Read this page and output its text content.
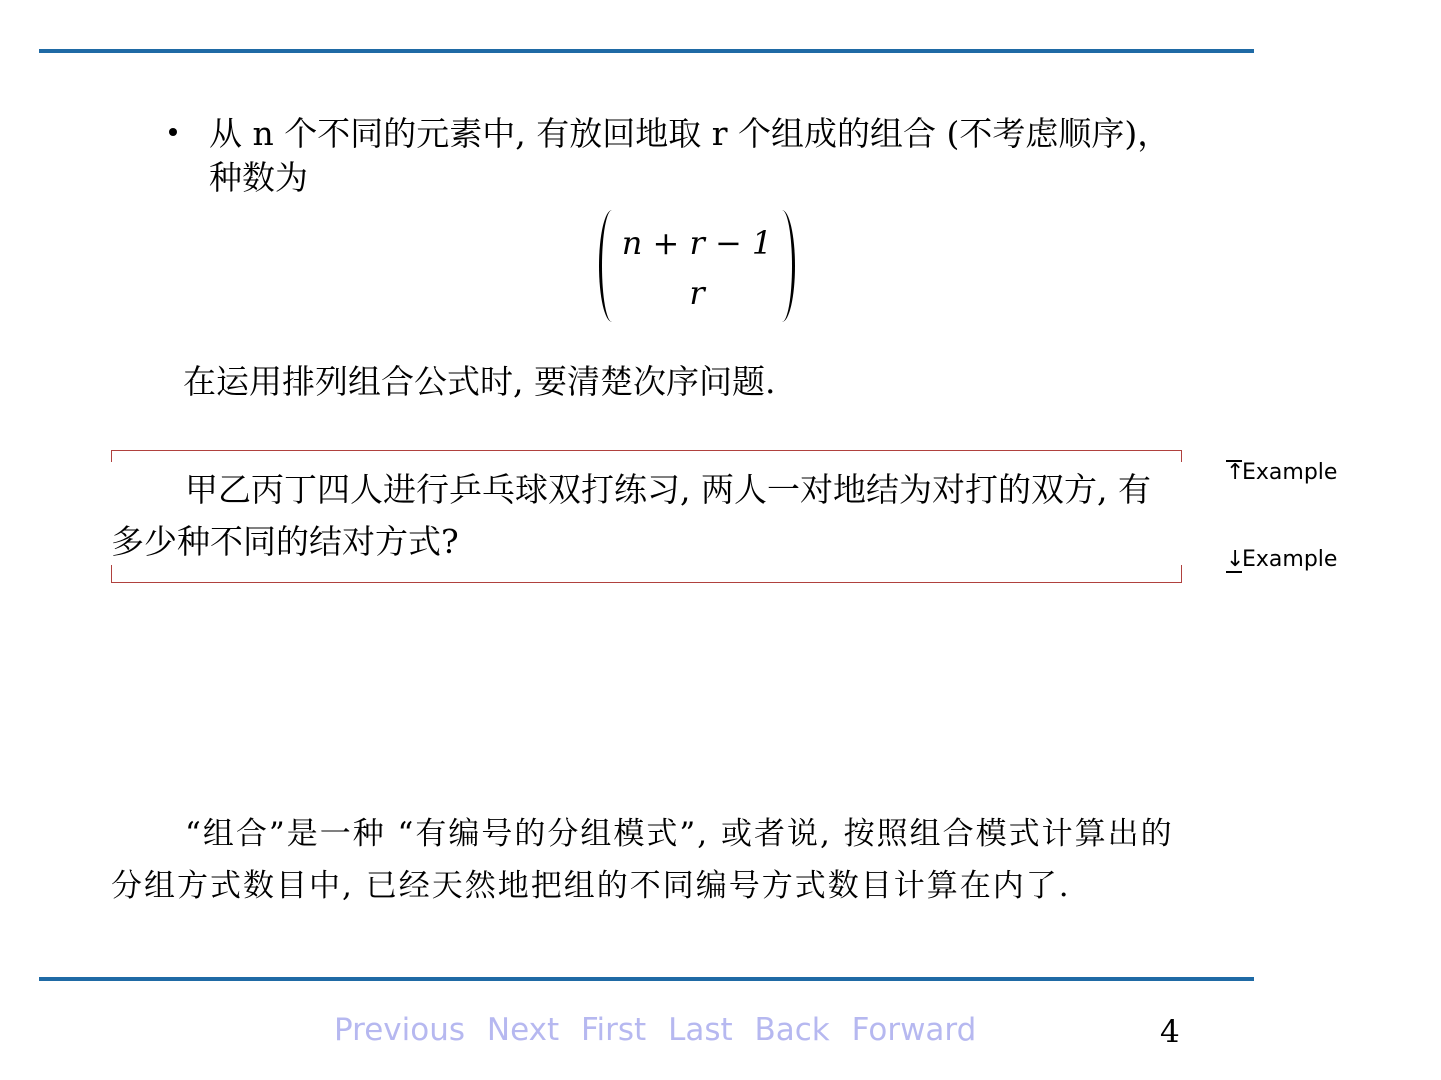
从 n 个不同的元素中, 有放回地取 r 个组成的组合 (不考虑顺序)，种数为
n + r − 1
r
在运用排列组合公式时, 要清楚次序问题.
甲乙丙丁四人进行乒乓球双打练习, 两人一对地结为对打的双方, 有多少种不同的结对方式?
↑Example
↓Example
“组合”是一种 “有编号的分组模式”, 或者说, 按照组合模式计算出的分组方式数目中, 已经天然地把组的不同编号方式数目计算在内了.
Previous Next First Last Back Forward	4
